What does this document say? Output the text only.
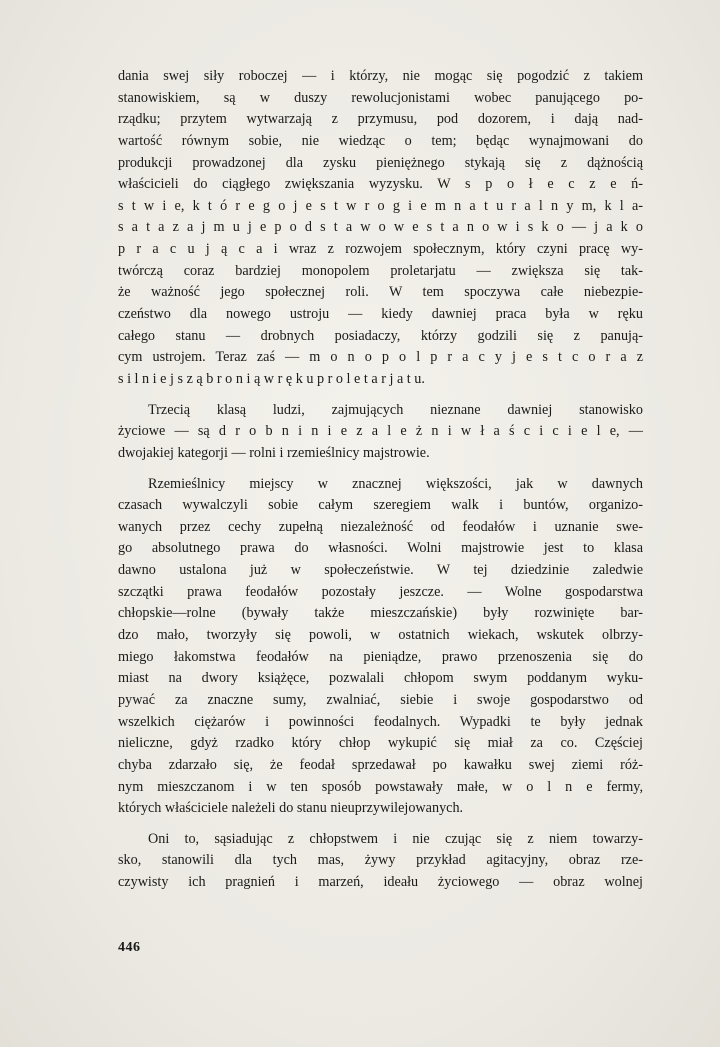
dania swej siły roboczej — i którzy, nie mogąc się pogodzić z takiem
stanowiskiem, są w duszy rewolucjonistami wobec panującego po-
rządku; przytem wytwarzają z przymusu, pod dozorem, i dają nad-
wartość równym sobie, nie wiedząc o tem; będąc wynajmowani do
produkcji prowadzonej dla zysku pieniężnego stykają się z dążnością
właścicieli do ciągłego zwiększania wyzysku. W s p o ł e c z e ń-
s t w i e, k t ó r e g o j e s t w r o g i e m n a t u r a l n y m, k l a-
s a t a z a j m u j e p o d s t a w o w e s t a n o w i s k o — j a k o
p r a c u j ą c a i wraz z rozwojem społecznym, który czyni pracę wy-
twórczą coraz bardziej monopolem proletarjatu — zwiększa się tak-
że ważność jego społecznej roli. W tem spoczywa całe niebezpie-
czeństwo dla nowego ustroju — kiedy dawniej praca była w ręku
całego stanu — drobnych posiadaczy, którzy godzili się z panują-
cym ustrojem. Teraz zaś — m o n o p o l p r a c y j e s t c o r a z
s i l n i e j s z ą b r o n i ą w r ę k u p r o l e t a r j a t u.
Trzecią klasą ludzi, zajmujących nieznane dawniej stanowisko
życiowe — są d r o b n i n i e z a l e ż n i w ł a ś c i c i e l e, —
dwojakiej kategorji — rolni i rzemieślnicy majstrowie.
Rzemieślnicy miejscy w znacznej większości, jak w dawnych
czasach wywalczyli sobie całym szeregiem walk i buntów, organizo-
wanych przez cechy zupełną niezależność od feodałów i uznanie swe-
go absolutnego prawa do własności. Wolni majstrowie jest to klasa
dawno ustalona już w społeczeństwie. W tej dziedzinie zaledwie
szczątki prawa feodałów pozostały jeszcze. — Wolne gospodarstwa
chłopskie—rolne (bywały także mieszczańskie) były rozwinięte bar-
dzo mało, tworzyły się powoli, w ostatnich wiekach, wskutek olbrzy-
miego łakomstwa feodałów na pieniądze, prawo przenoszenia się do
miast na dwory książęce, pozwalali chłopom swym poddanym wyku-
pywać za znaczne sumy, zwalniać, siebie i swoje gospodarstwo od
wszelkich ciężarów i powinności feodalnych. Wypadki te były jednak
nieliczne, gdyż rzadko który chłop wykupić się miał za co. Częściej
chyba zdarzało się, że feodał sprzedawał po kawałku swej ziemi róż-
nym mieszczanom i w ten sposób powstawały małe, w o l n e fermy,
których właściciele należeli do stanu nieuprzywilejowanych.
Oni to, sąsiadując z chłopstwem i nie czując się z niem towarzy-
sko, stanowili dla tych mas, żywy przykład agitacyjny, obraz rze-
czywisty ich pragnień i marzeń, ideału życiowego — obraz wolnej
446
